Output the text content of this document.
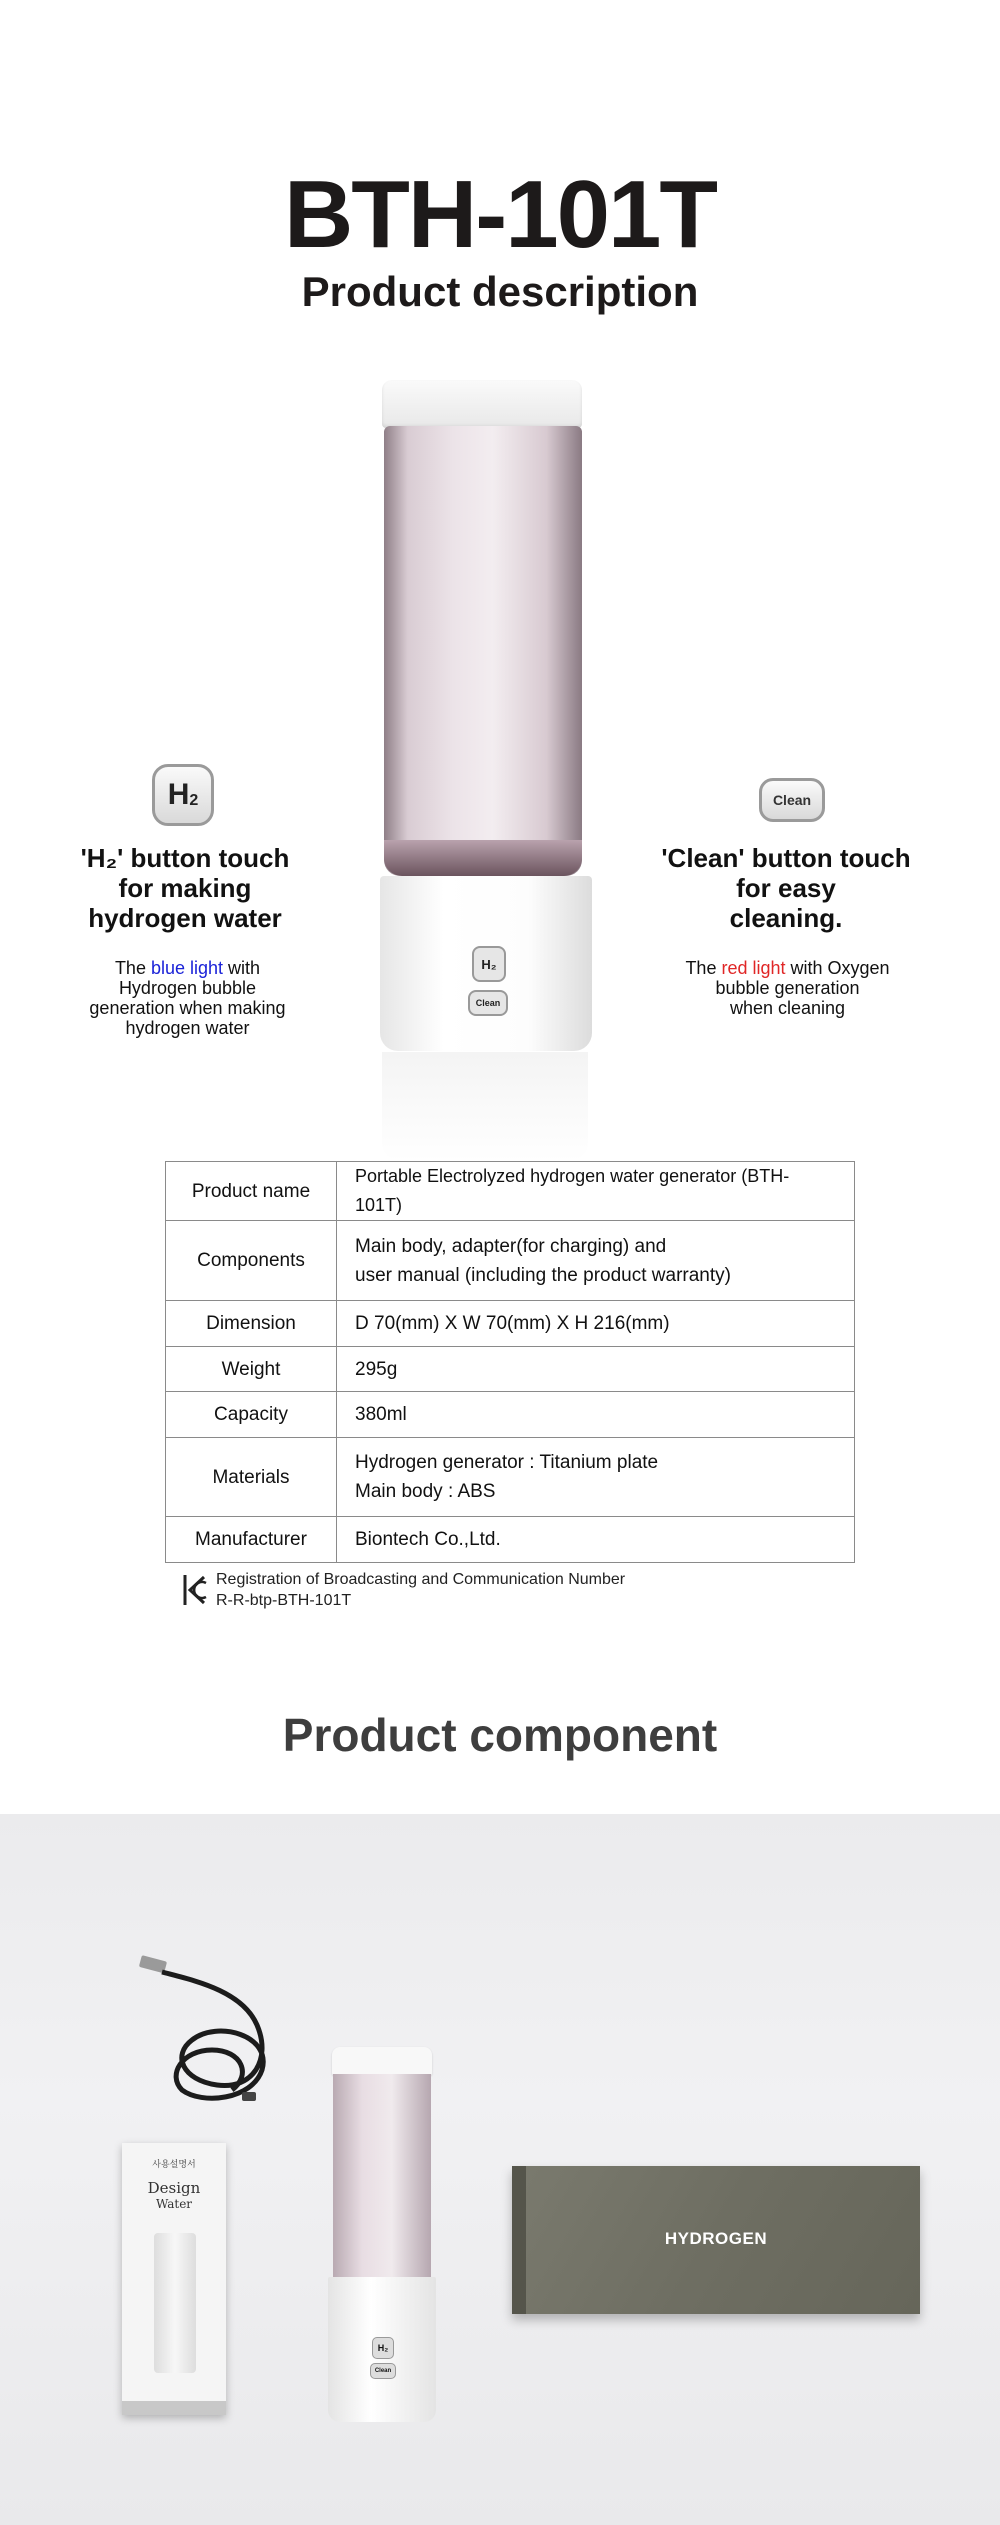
BTH-101T
Product description
H₂
Clean
$H_2$
'H₂' button touch
for making
hydrogen water
The blue light with
Hydrogen bubble
generation when making
hydrogen water
Clean
'Clean' button touch
for easy
cleaning.
The red light with Oxygen
bubble generation
when cleaning
Product name	Portable Electrolyzed hydrogen water generator (BTH-101T)

Components	Main body, adapter(for charging) and
user manual (including the product warranty)

Dimension	D 70(mm) X W 70(mm) X H 216(mm)

Weight	295g

Capacity	380ml

Materials	Hydrogen generator : Titanium plate
Main body : ABS

Manufacturer	Biontech Co.,Ltd.
Registration of Broadcasting and Communication Number
R-R-btp-BTH-101T
Product component
사용설명서
Design
Water
H₂
Clean
HYDROGEN
